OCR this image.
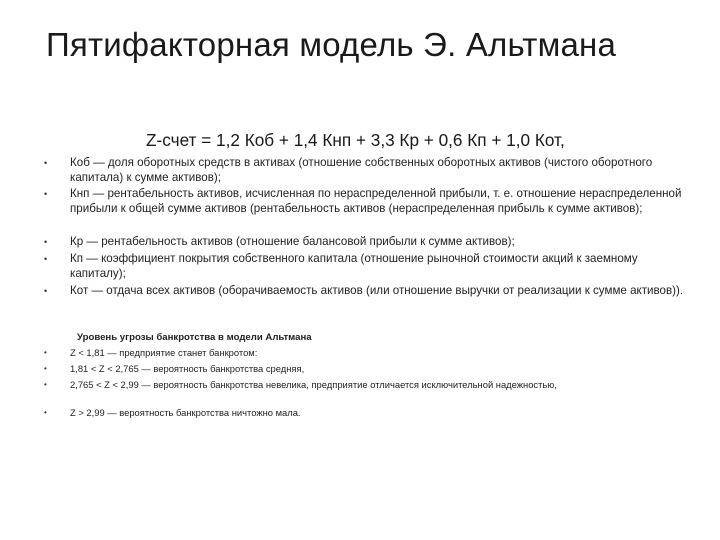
Пятифакторная модель Э. Альтмана
Z-счет = 1,2 Коб + 1,4 Кнп + 3,3 Кр + 0,6 Кп + 1,0 Кот,
• Коб — доля оборотных средств в активах (отношение собственных оборотных активов (чистого оборотного капитала) к сумме активов);
• Кнп — рентабельность активов, исчисленная по нераспределенной прибыли, т. е. отношение нераспределенной прибыли к общей сумме активов (рентабельность активов (нераспределенная прибыль к сумме активов);
• Кр — рентабельность активов (отношение балансовой прибыли к сумме активов);
• Кп — коэффициент покрытия собственного капитала (отношение рыночной стоимости акций к заемному капиталу);
• Кот — отдача всех активов (оборачиваемость активов (или отношение выручки от реализации к сумме активов)).
Уровень угрозы банкротства в модели Альтмана
• Z < 1,81 — предприятие станет банкротом:
• 1,81 < Z < 2,765 — вероятность банкротства средняя,
• 2,765 < Z < 2,99 — вероятность банкротства невелика, предприятие отличается исключительной надежностью,
• Z > 2,99 — вероятность банкротства ничтожно мала.
